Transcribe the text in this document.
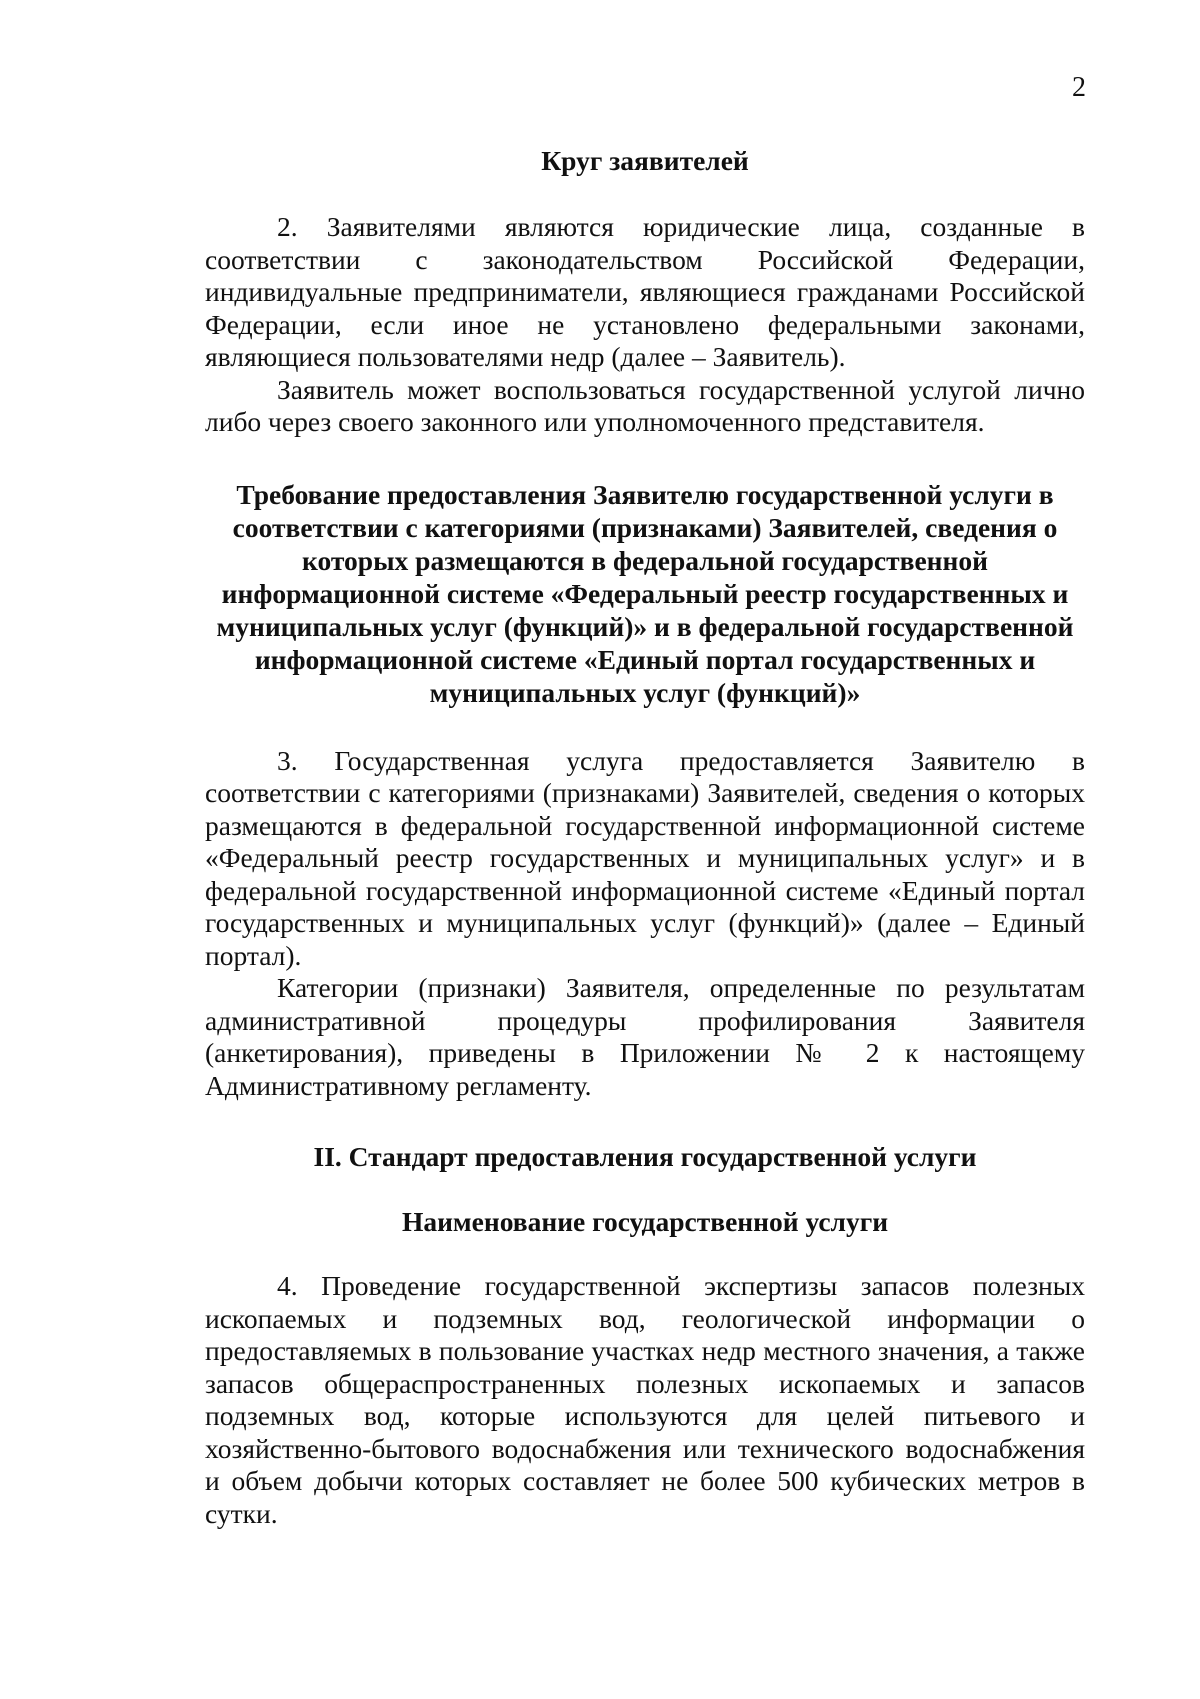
2
Круг заявителей

2. Заявителями являются юридические лица, созданные в соответствии с законодательством Российской Федерации, индивидуальные предприниматели, являющиеся гражданами Российской Федерации, если иное не установлено федеральными законами, являющиеся пользователями недр (далее – Заявитель).

Заявитель может воспользоваться государственной услугой лично либо через своего законного или уполномоченного представителя.

Требование предоставления Заявителю государственной услуги в соответствии с категориями (признаками) Заявителей, сведения о которых размещаются в федеральной государственной информационной системе «Федеральный реестр государственных и муниципальных услуг (функций)» и в федеральной государственной информационной системе «Единый портал государственных и муниципальных услуг (функций)»

3. Государственная услуга предоставляется Заявителю в соответствии с категориями (признаками) Заявителей, сведения о которых размещаются в федеральной государственной информационной системе «Федеральный реестр государственных и муниципальных услуг» и в федеральной государственной информационной системе «Единый портал государственных и муниципальных услуг (функций)» (далее – Единый портал).

Категории (признаки) Заявителя, определенные по результатам административной процедуры профилирования Заявителя (анкетирования), приведены в Приложении № 2 к настоящему Административному регламенту.

II. Стандарт предоставления государственной услуги
Наименование государственной услуги

4. Проведение государственной экспертизы запасов полезных ископаемых и подземных вод, геологической информации о предоставляемых в пользование участках недр местного значения, а также запасов общераспространенных полезных ископаемых и запасов подземных вод, которые используются для целей питьевого и хозяйственно-бытового водоснабжения или технического водоснабжения и объем добычи которых составляет не более 500 кубических метров в сутки.
